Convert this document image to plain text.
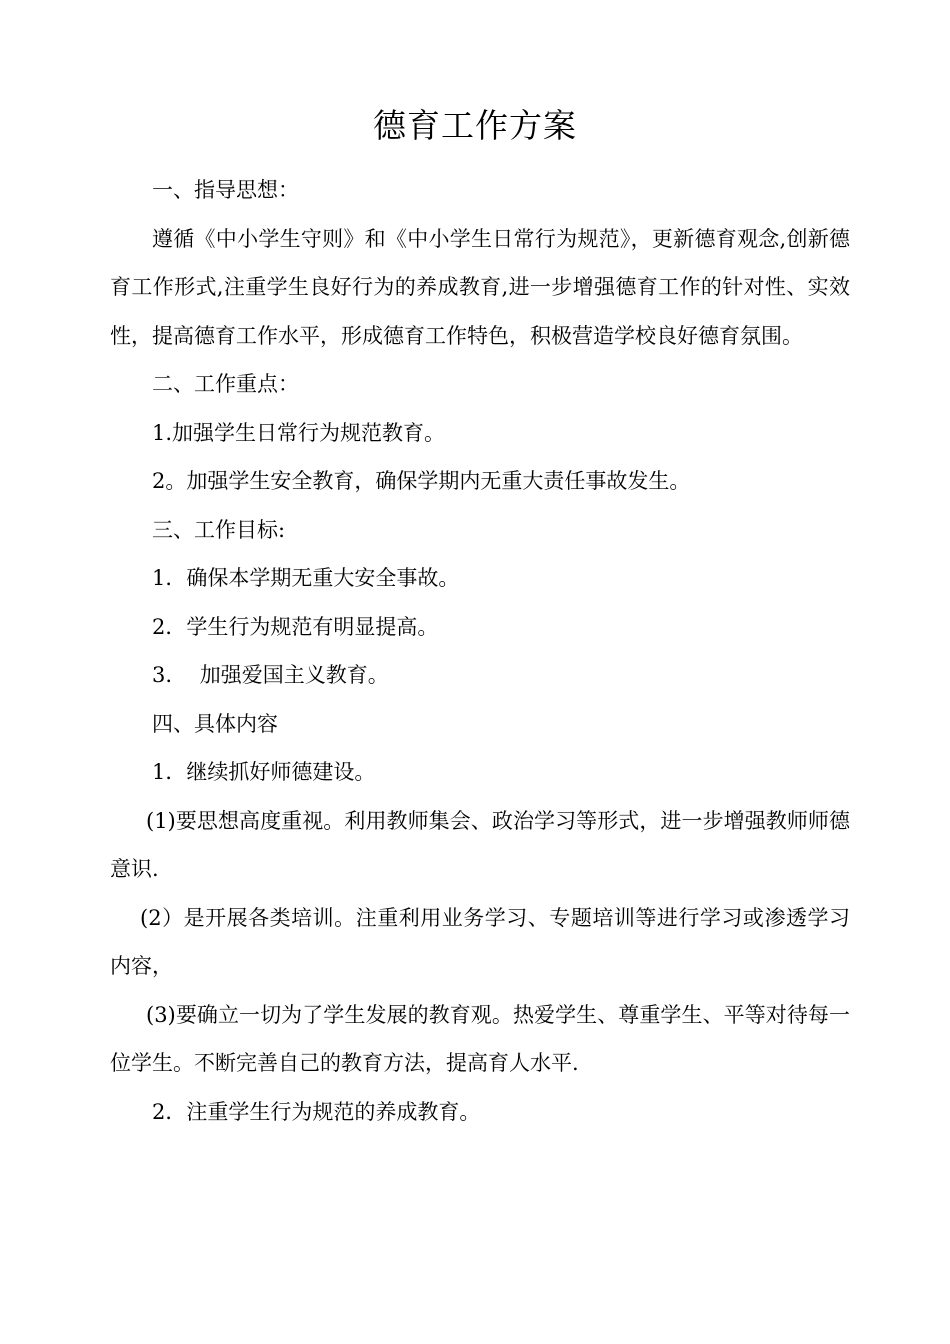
德育工作方案

一、指导思想：

遵循《中小学生守则》和《中小学生日常行为规范》，更新德育观念,创新德育工作形式,注重学生良好行为的养成教育,进一步增强德育工作的针对性、实效性，提高德育工作水平，形成德育工作特色，积极营造学校良好德育氛围。

二、工作重点：

1.加强学生日常行为规范教育。

2。加强学生安全教育，确保学期内无重大责任事故发生。

三、工作目标:

1．确保本学期无重大安全事故。

2．学生行为规范有明显提高。

3.　 加强爱国主义教育。

四、具体内容

1．继续抓好师德建设。

(1)要思想高度重视。利用教师集会、政治学习等形式，进一步增强教师师德意识.

(2）是开展各类培训。注重利用业务学习、专题培训等进行学习或渗透学习内容，

(3)要确立一切为了学生发展的教育观。热爱学生、尊重学生、平等对待每一位学生。不断完善自己的教育方法，提高育人水平.

2．注重学生行为规范的养成教育。
